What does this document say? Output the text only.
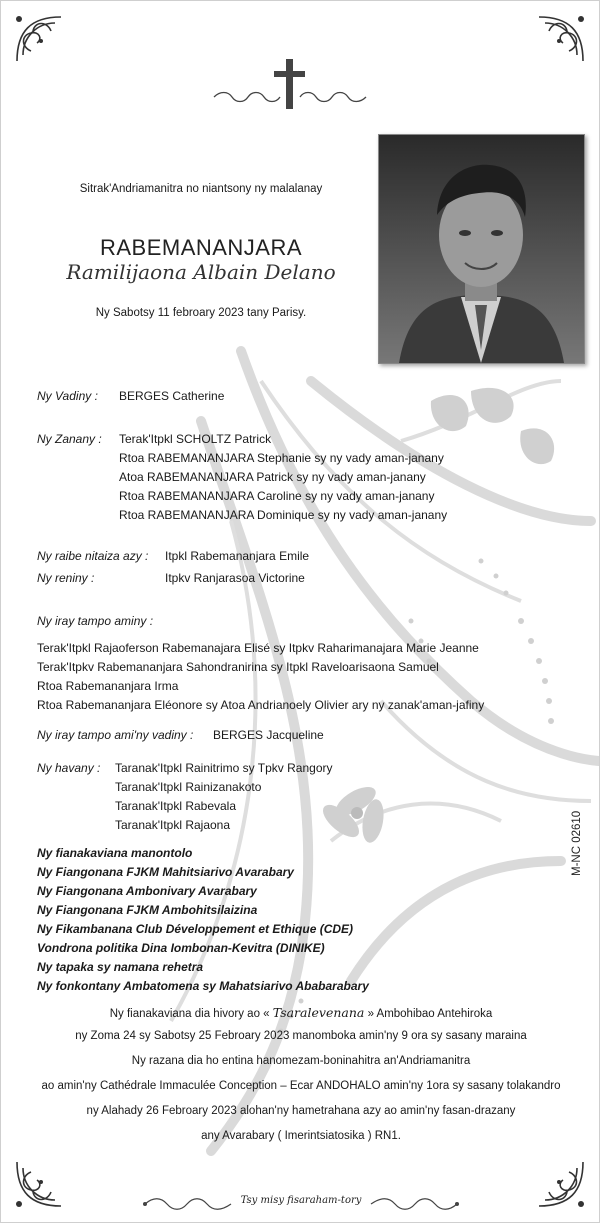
Sitrak'Andriamanitra no niantsony ny malalanay
RABEMANANJARA
Ramilijaona Albain Delano
Ny Sabotsy 11 febroary 2023 tany Parisy.
Ny Vadiny : BERGES Catherine
Ny Zanany : Terak'Itpkl SCHOLTZ Patrick
Rtoa RABEMANANJARA Stephanie sy ny vady aman-janany
Atoa RABEMANANJARA Patrick sy ny vady aman-janany
Rtoa RABEMANANJARA Caroline sy ny vady aman-janany
Rtoa RABEMANANJARA Dominique sy ny vady aman-janany
Ny raibe nitaiza azy : Itpkl Rabemananjara Emile
Ny reniny :	Itpkv Ranjarasoa Victorine
Ny iray tampo aminy :
Terak'Itpkl Rajaoferson Rabemanajara Elisé sy Itpkv Raharimanajara Marie Jeanne
Terak'Itpkv Rabemananjara Sahondranirina sy Itpkl Raveloarisaona Samuel
Rtoa Rabemananjara Irma
Rtoa Rabemananjara Eléonore sy Atoa Andrianoely Olivier ary ny zanak'aman-jafiny
Ny iray tampo ami'ny vadiny : BERGES Jacqueline
Ny havany : Taranak'Itpkl Rainitrimo sy Tpkv Rangory
Taranak'Itpkl Rainizanakoto
Taranak'Itpkl Rabevala
Taranak'Itpkl Rajaona
Ny fianakaviana manontolo
Ny Fiangonana FJKM Mahitsiarivo Avarabary
Ny Fiangonana Ambonivary Avarabary
Ny Fiangonana FJKM Ambohitsilaizina
Ny Fikambanana Club Développement et Ethique (CDE)
Vondrona politika Dina Iombonan-Kevitra (DINIKE)
Ny tapaka sy namana rehetra
Ny fonkontany Ambatomena sy Mahatsiarivo Ababarabary
Ny fianakaviana dia hivory ao « Tsaralevenana » Ambohibao Antehiroka
ny Zoma 24 sy Sabotsy 25 Febroary 2023 manomboka amin'ny 9 ora sy sasany maraina
Ny razana dia ho entina hanomezam-boninahitra an'Andriamanitra
ao amin'ny Cathédrale Immaculée Conception – Ecar ANDOHALO amin'ny 1ora sy sasany tolakandro
ny Alahady 26 Febroary 2023 alohan'ny hametrahana azy ao amin'ny fasan-drazany
any Avarabary ( Imerintsiatosika ) RN1.
M-NC 02610
Tsy misy fisaraham-tory
